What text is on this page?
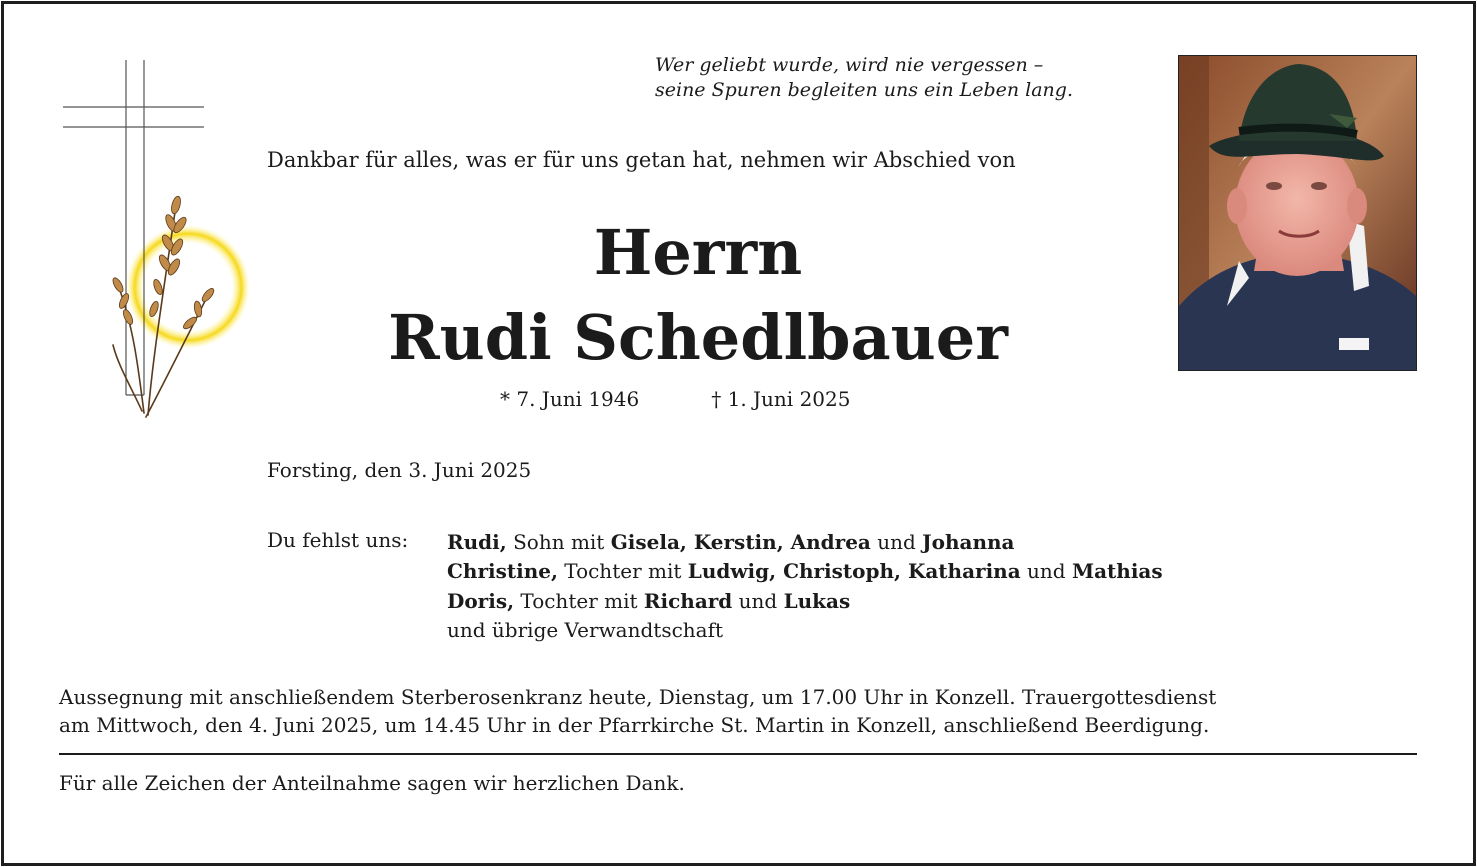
Wer geliebt wurde, wird nie vergessen –
seine Spuren begleiten uns ein Leben lang.
Dankbar für alles, was er für uns getan hat, nehmen wir Abschied von
Herrn
Rudi Schedlbauer
* 7. Juni 1946	† 1. Juni 2025
Forsting, den 3. Juni 2025
Du fehlst uns: Rudi, Sohn mit Gisela, Kerstin, Andrea und Johanna
Christine, Tochter mit Ludwig, Christoph, Katharina und Mathias
Doris, Tochter mit Richard und Lukas
und übrige Verwandtschaft
Aussegnung mit anschließendem Sterberosenkranz heute, Dienstag, um 17.00 Uhr in Konzell. Trauergottesdienst
am Mittwoch, den 4. Juni 2025, um 14.45 Uhr in der Pfarrkirche St. Martin in Konzell, anschließend Beerdigung.
Für alle Zeichen der Anteilnahme sagen wir herzlichen Dank.
